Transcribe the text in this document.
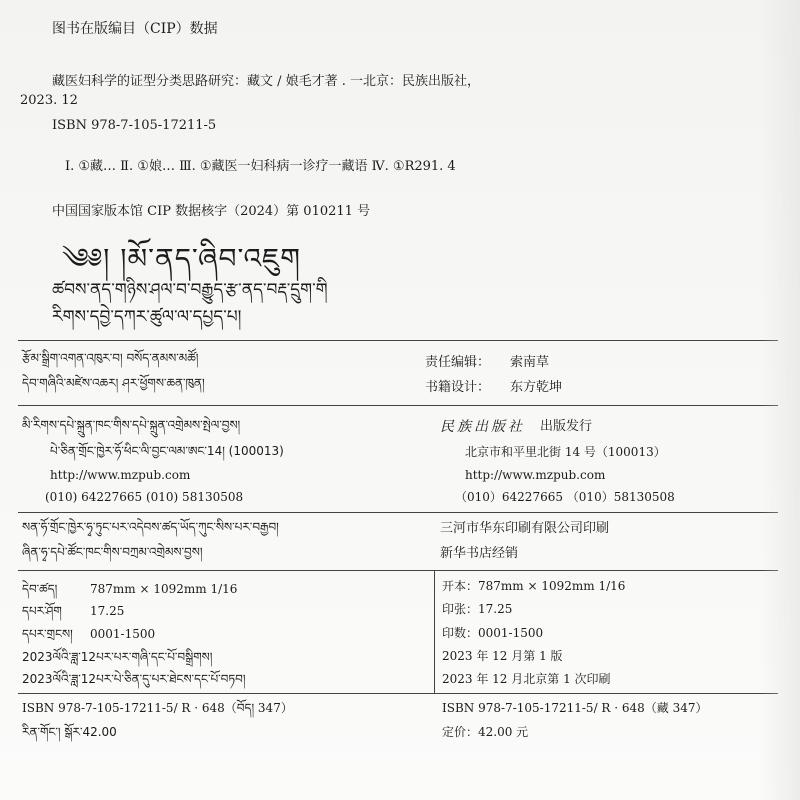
图书在版编目（CIP）数据
藏医妇科学的证型分类思路研究：藏文 / 娘毛才著 . 一北京：民族出版社，
2023. 12
ISBN 978-7-105-17211-5
Ⅰ. ①藏… Ⅱ. ①娘… Ⅲ. ①藏医一妇科病一诊疗一藏语 Ⅳ. ①R291. 4
中国国家版本馆 CIP 数据核字（2024）第 010211 号
༄༅། །མོ་ནད་ཞིབ་འཇུག
ཚབས་ནད་གཉིས་ཤལ་བ་བརྒྱུད་རྩ་ནད་བརྡ་དྲུག་གི
རིགས་དབྱེ་དཀར་ཚུལ་ལ་དཔྱད་པ།
རྩོམ་སྒྲིག་འགན་འཁུར་བ། བསོད་ནམས་མཚོ།
དེབ་གཞིའི་མཛེས་འཆར། ཤར་ཕྱོགས་ཆན་ཁུན།
责任编辑： 索南草
书籍设计： 东方乾坤
མི་རིགས་དཔེ་སྐྲུན་ཁང་གིས་དཔེ་སྐྲུན་འགྲེམས་སྤེལ་བྱས།
པེ་ཅིན་གྲོང་ཁྱེར་ཧོ་ཕིང་ལི་བྱང་ལམ་ཨང་14། (100013)
http://www.mzpub.com
(010) 64227665 (010) 58130508
民族出版社 出版发行
北京市和平里北街 14 号（100013）
http://www.mzpub.com
（010）64227665 （010）58130508
སན་ཧོ་གྲོང་ཁྱེར་ཧྭ་ཏུང་པར་འདེབས་ཚད་ཡོད་ཀུང་སིས་པར་བརྒྱབ།
ཞིན་ཧྭ་དཔེ་ཚོང་ཁང་གིས་བཀྲམ་འགྲེམས་བྱས།
三河市华东印刷有限公司印刷
新华书店经销
དེབ་ཚད།	787mm × 1092mm 1/16
དཔར་ཤོག 17.25
དཔར་གྲངས། 0001-1500
2023ལོའི་ཟླ་12པར་པར་གཞི་དང་པོ་བསྒྲིགས།
2023ལོའི་ཟླ་12པར་པེ་ཅིན་དུ་པར་ཐེངས་དང་པོ་བཏབ།
开本：787mm × 1092mm 1/16
印张：17.25
印数：0001-1500
2023 年 12 月第 1 版
2023 年 12 月北京第 1 次印刷
ISBN 978-7-105-17211-5/ R · 648（བོད། 347）
རིན་གོང་། སྒོར་42.00
ISBN 978-7-105-17211-5/ R · 648（藏 347）
定价：42.00 元
